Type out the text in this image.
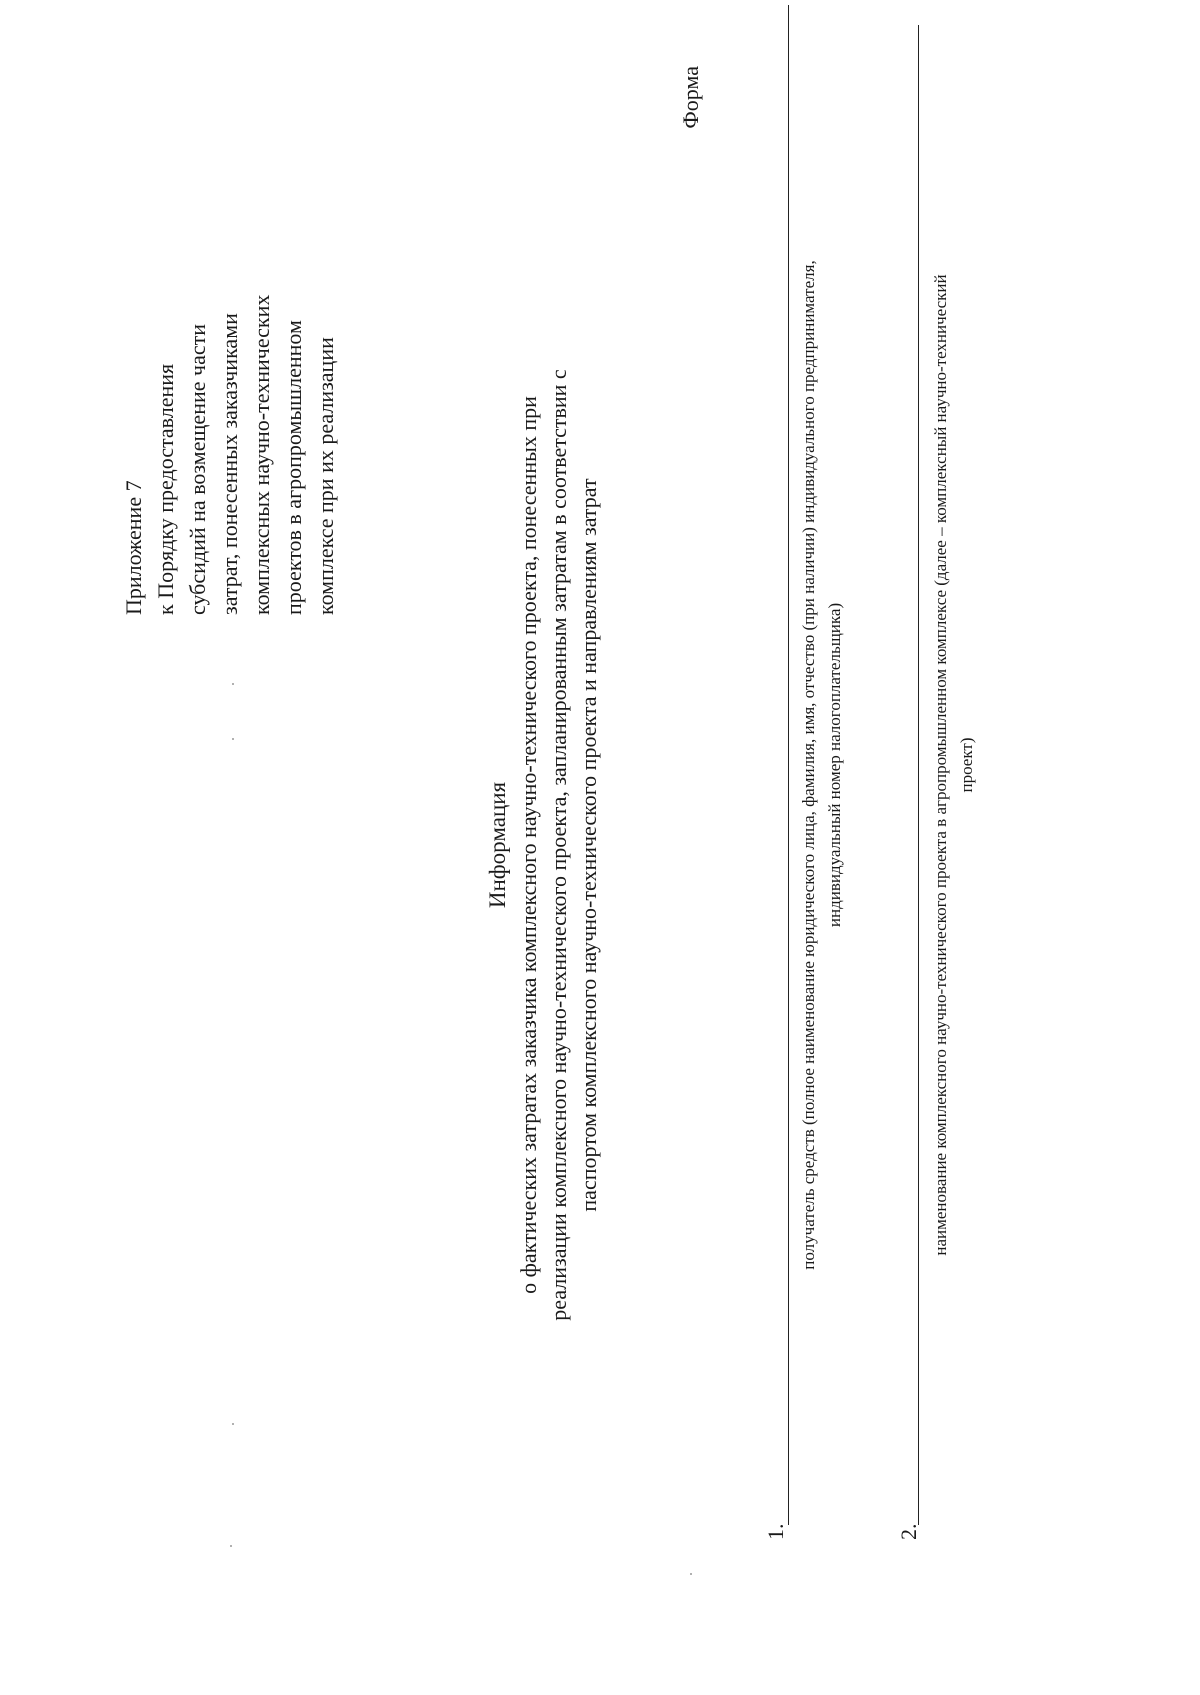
Приложение 7 к Порядку предоставления субсидий на возмещение части затрат, понесенных заказчиками комплексных научно-технических проектов в агропромышленном комплексе при их реализации
Информация о фактических затратах заказчика комплексного научно-технического проекта, понесенных при реализации комплексного научно-технического проекта, запланированным затратам в соответствии с паспортом комплексного научно-технического проекта и направлениям затрат
Форма
1.
получатель средств (полное наименование юридического лица, фамилия, имя, отчество (при наличии) индивидуального предпринимателя, индивидуальный номер налогоплательщика)
2.
наименование комплексного научно-технического проекта в агропромышленном комплексе (далее – комплексный научно-технический проект)
